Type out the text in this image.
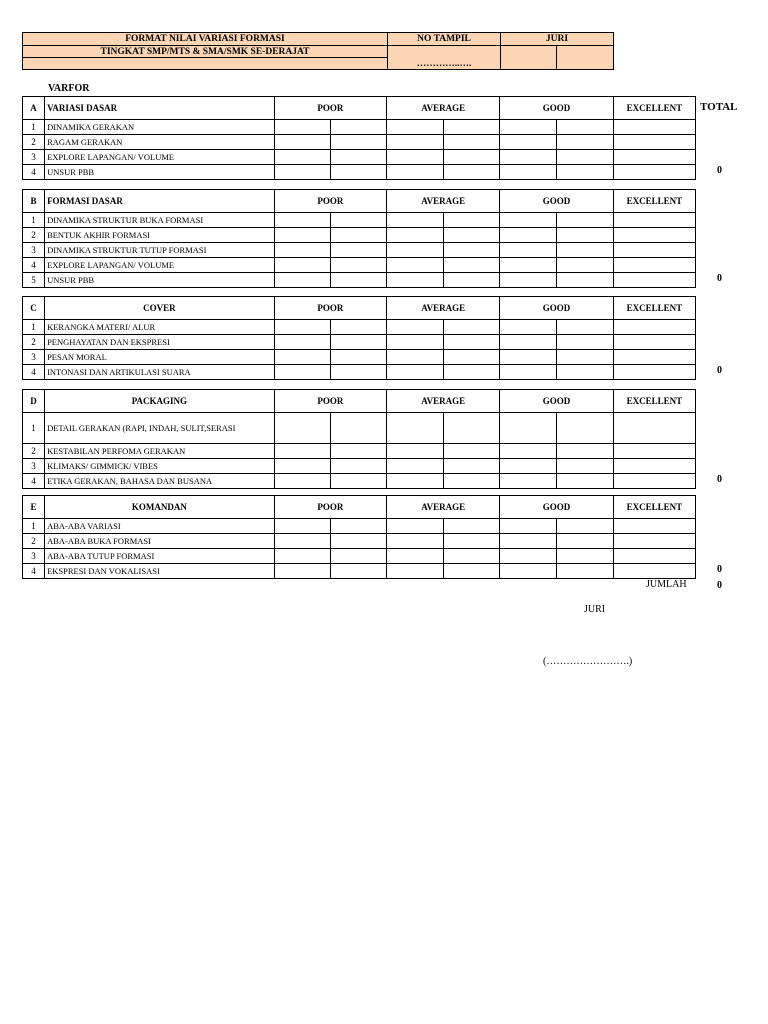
FORMAT NILAI VARIASI FORMASI	NO TAMPIL	JURI	
TINGKAT SMP/MTS & SMA/SMK SE-DERAJAT	…………..….		

VARFOR
TOTAL
A	VARIASI DASAR	POOR		AVERAGE		GOOD		EXCELLENT
1	DINAMIKA GERAKAN							
2	RAGAM GERAKAN							
3	EXPLORE LAPANGAN/ VOLUME							
4	UNSUR PBB								0
B	FORMASI DASAR	POOR		AVERAGE		GOOD		EXCELLENT
1	DINAMIKA STRUKTUR BUKA FORMASI							
2	BENTUK AKHIR FORMASI							
3	DINAMIKA STRUKTUR TUTUP FORMASI							
4	EXPLORE LAPANGAN/ VOLUME							
5	UNSUR PBB								0
C	COVER	POOR		AVERAGE		GOOD		EXCELLENT
1	KERANGKA MATERI/ ALUR							
2	PENGHAYATAN DAN EKSPRESI							
3	PESAN MORAL							
4	INTONASI DAN ARTIKULASI SUARA								0
D	PACKAGING	POOR		AVERAGE		GOOD		EXCELLENT
1	DETAIL GERAKAN (RAPI, INDAH, SULIT,SERASI							
2	KESTABILAN PERFOMA GERAKAN							
3	KLIMAKS/ GIMMICK/ VIBES							
4	ETIKA GERAKAN, BAHASA DAN BUSANA								0
E	KOMANDAN	POOR		AVERAGE		GOOD		EXCELLENT
1	ABA-ABA VARIASI							
2	ABA-ABA BUKA FORMASI							
3	ABA-ABA TUTUP FORMASI							
4	EKSPRESI DAN VOKALISASI								0
JUMLAH	0
JURI
(…………………….)
